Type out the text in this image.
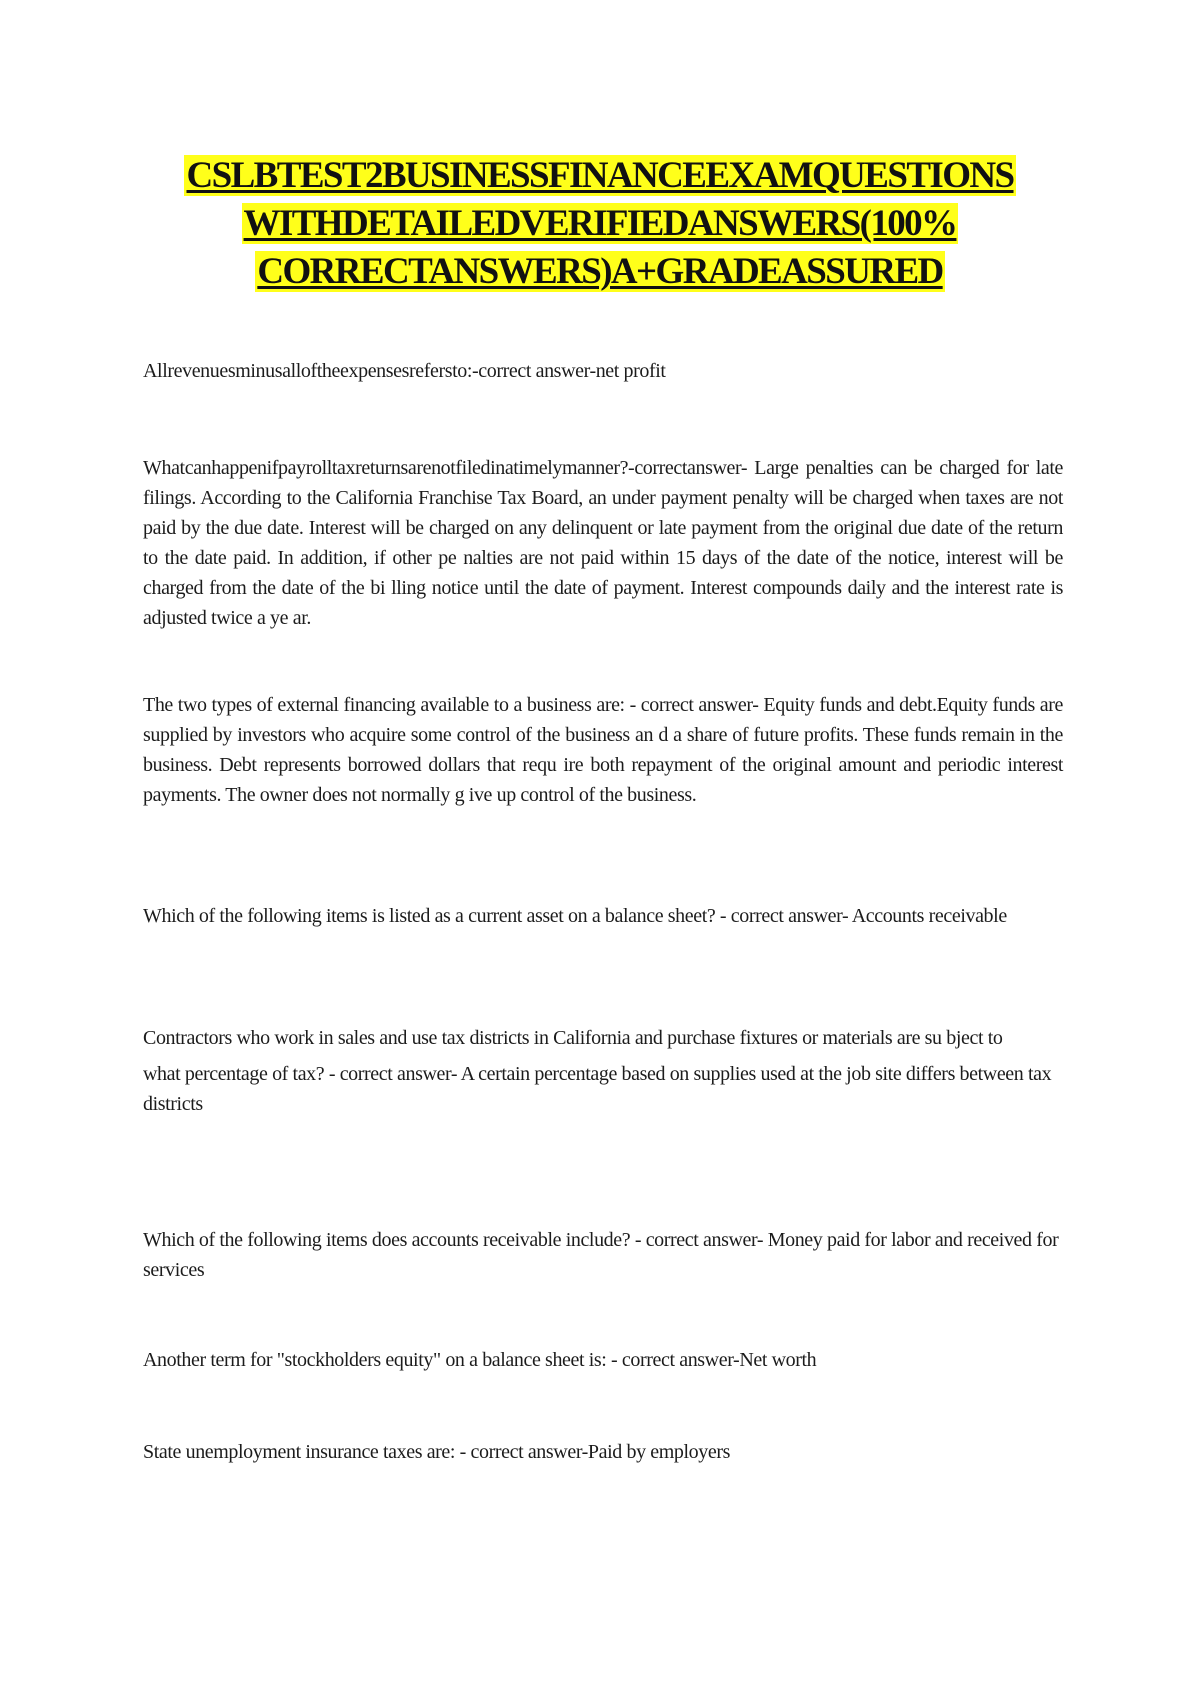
CSLBTEST2BUSINESSFINANCEEXAMQUESTIONS
WITHDETAILEDVERIFIEDANSWERS(100%
CORRECTANSWERS)A+GRADEASSURED

Allrevenuesminusalloftheexpensesrefersto:-correct answer-net profit

Whatcanhappenifpayrolltaxreturnsarenotfiledinatimelymanner?-correctanswer- Large penalties can be charged for late filings. According to the California Franchise Tax Board, an under payment penalty will be charged when taxes are not paid by the due date. Interest will be charged on any delinquent or late payment from the original due date of the return to the date paid. In addition, if other pe nalties are not paid within 15 days of the date of the notice, interest will be charged from the date of the bi lling notice until the date of payment. Interest compounds daily and the interest rate is adjusted twice a ye ar.

The two types of external financing available to a business are: - correct answer- Equity funds and debt.Equity funds are supplied by investors who acquire some control of the business an d a share of future profits. These funds remain in the business. Debt represents borrowed dollars that requ ire both repayment of the original amount and periodic interest payments. The owner does not normally g ive up control of the business.

Which of the following items is listed as a current asset on a balance sheet? - correct answer- Accounts receivable

Contractors who work in sales and use tax districts in California and purchase fixtures or materials are su bject to

what percentage of tax? - correct answer- A certain percentage based on supplies used at the job site differs between tax districts

Which of the following items does accounts receivable include? - correct answer- Money paid for labor and received for services

Another term for "stockholders equity" on a balance sheet is: - correct answer-Net worth

State unemployment insurance taxes are: - correct answer-Paid by employers
